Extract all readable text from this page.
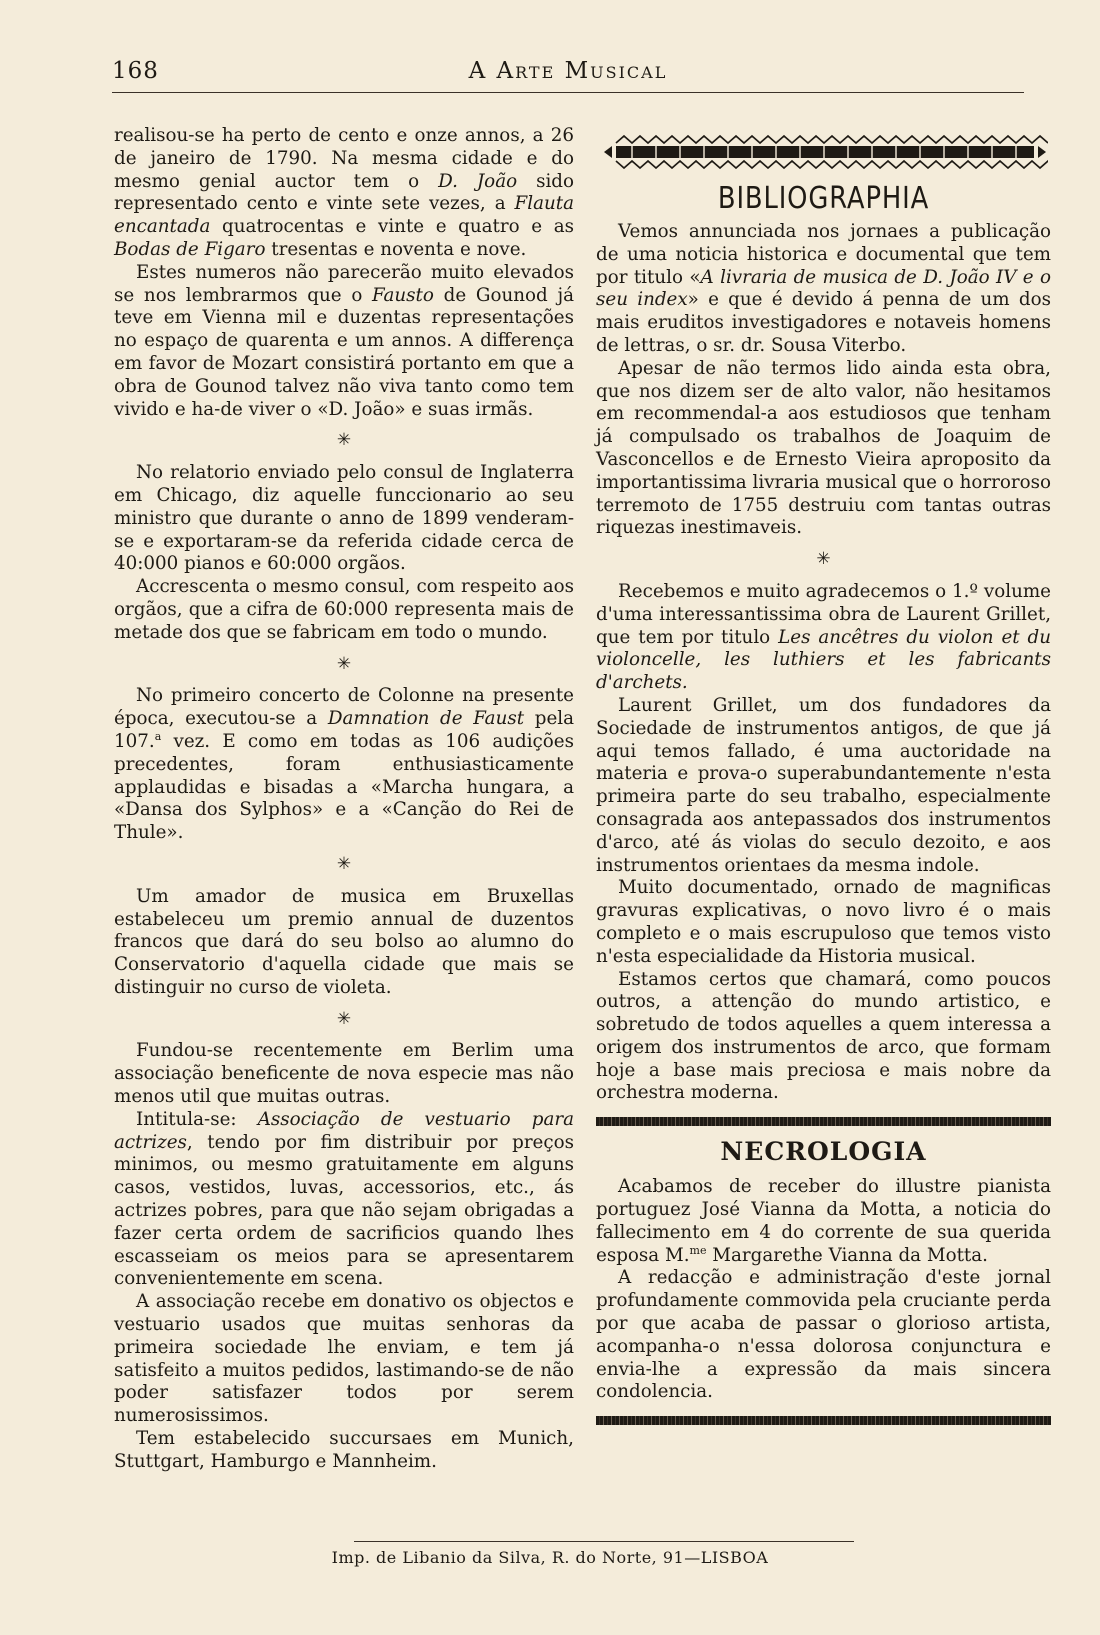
168	A Arte Musical

realisou-se ha perto de cento e onze annos, a 26 de janeiro de 1790. Na mesma cidade e do mesmo genial auctor tem o D. João sido representado cento e vinte sete vezes, a Flauta encantada quatrocentas e vinte e quatro e as Bodas de Figaro tresentas e noventa e nove.

Estes numeros não parecerão muito elevados se nos lembrarmos que o Fausto de Gounod já teve em Vienna mil e duzentas representações no espaço de quarenta e um annos. A differença em favor de Mozart consistirá portanto em que a obra de Gounod talvez não viva tanto como tem vivido e ha-de viver o «D. João» e suas irmãs.

✳

No relatorio enviado pelo consul de Inglaterra em Chicago, diz aquelle funccionario ao seu ministro que durante o anno de 1899 venderam-se e exportaram-se da referida cidade cerca de 40:000 pianos e 60:000 orgãos.

Accrescenta o mesmo consul, com respeito aos orgãos, que a cifra de 60:000 representa mais de metade dos que se fabricam em todo o mundo.

✳

No primeiro concerto de Colonne na presente época, executou-se a Damnation de Faust pela 107.$^a$ vez. E como em todas as 106 audições precedentes, foram enthusiasticamente applaudidas e bisadas a «Marcha hungara, a «Dansa dos Sylphos» e a «Canção do Rei de Thule».

✳

Um amador de musica em Bruxellas estabeleceu um premio annual de duzentos francos que dará do seu bolso ao alumno do Conservatorio d'aquella cidade que mais se distinguir no curso de violeta.

✳

Fundou-se recentemente em Berlim uma associação beneficente de nova especie mas não menos util que muitas outras.

Intitula-se: Associação de vestuario para actrizes, tendo por fim distribuir por preços minimos, ou mesmo gratuitamente em alguns casos, vestidos, luvas, accessorios, etc., ás actrizes pobres, para que não sejam obrigadas a fazer certa ordem de sacrificios quando lhes escasseiam os meios para se apresentarem convenientemente em scena.

A associação recebe em donativo os objectos e vestuario usados que muitas senhoras da primeira sociedade lhe enviam, e tem já satisfeito a muitos pedidos, lastimando-se de não poder satisfazer todos por serem numerosissimos.

Tem estabelecido succursaes em Munich, Stuttgart, Hamburgo e Mannheim.

BIBLIOGRAPHIA

Vemos annunciada nos jornaes a publicação de uma noticia historica e documental que tem por titulo «A livraria de musica de D. João IV e o seu index» e que é devido á penna de um dos mais eruditos investigadores e notaveis homens de lettras, o sr. dr. Sousa Viterbo.

Apesar de não termos lido ainda esta obra, que nos dizem ser de alto valor, não hesitamos em recommendal-a aos estudiosos que tenham já compulsado os trabalhos de Joaquim de Vasconcellos e de Ernesto Vieira aproposito da importantissima livraria musical que o horroroso terremoto de 1755 destruiu com tantas outras riquezas inestimaveis.

✳

Recebemos e muito agradecemos o 1.º volume d'uma interessantissima obra de Laurent Grillet, que tem por titulo Les ancêtres du violon et du violoncelle, les luthiers et les fabricants d'archets.

Laurent Grillet, um dos fundadores da Sociedade de instrumentos antigos, de que já aqui temos fallado, é uma auctoridade na materia e prova-o superabundantemente n'esta primeira parte do seu trabalho, especialmente consagrada aos antepassados dos instrumentos d'arco, até ás violas do seculo dezoito, e aos instrumentos orientaes da mesma indole.

Muito documentado, ornado de magnificas gravuras explicativas, o novo livro é o mais completo e o mais escrupuloso que temos visto n'esta especialidade da Historia musical.

Estamos certos que chamará, como poucos outros, a attenção do mundo artistico, e sobretudo de todos aquelles a quem interessa a origem dos instrumentos de arco, que formam hoje a base mais preciosa e mais nobre da orchestra moderna.

NECROLOGIA

Acabamos de receber do illustre pianista portuguez José Vianna da Motta, a noticia do fallecimento em 4 do corrente de sua querida esposa M.$^{me}$ Margarethe Vianna da Motta.

A redacção e administração d'este jornal profundamente commovida pela cruciante perda por que acaba de passar o glorioso artista, acompanha-o n'essa dolorosa conjunctura e envia-lhe a expressão da mais sincera condolencia.

Imp. de Libanio da Silva, R. do Norte, 91—LISBOA
